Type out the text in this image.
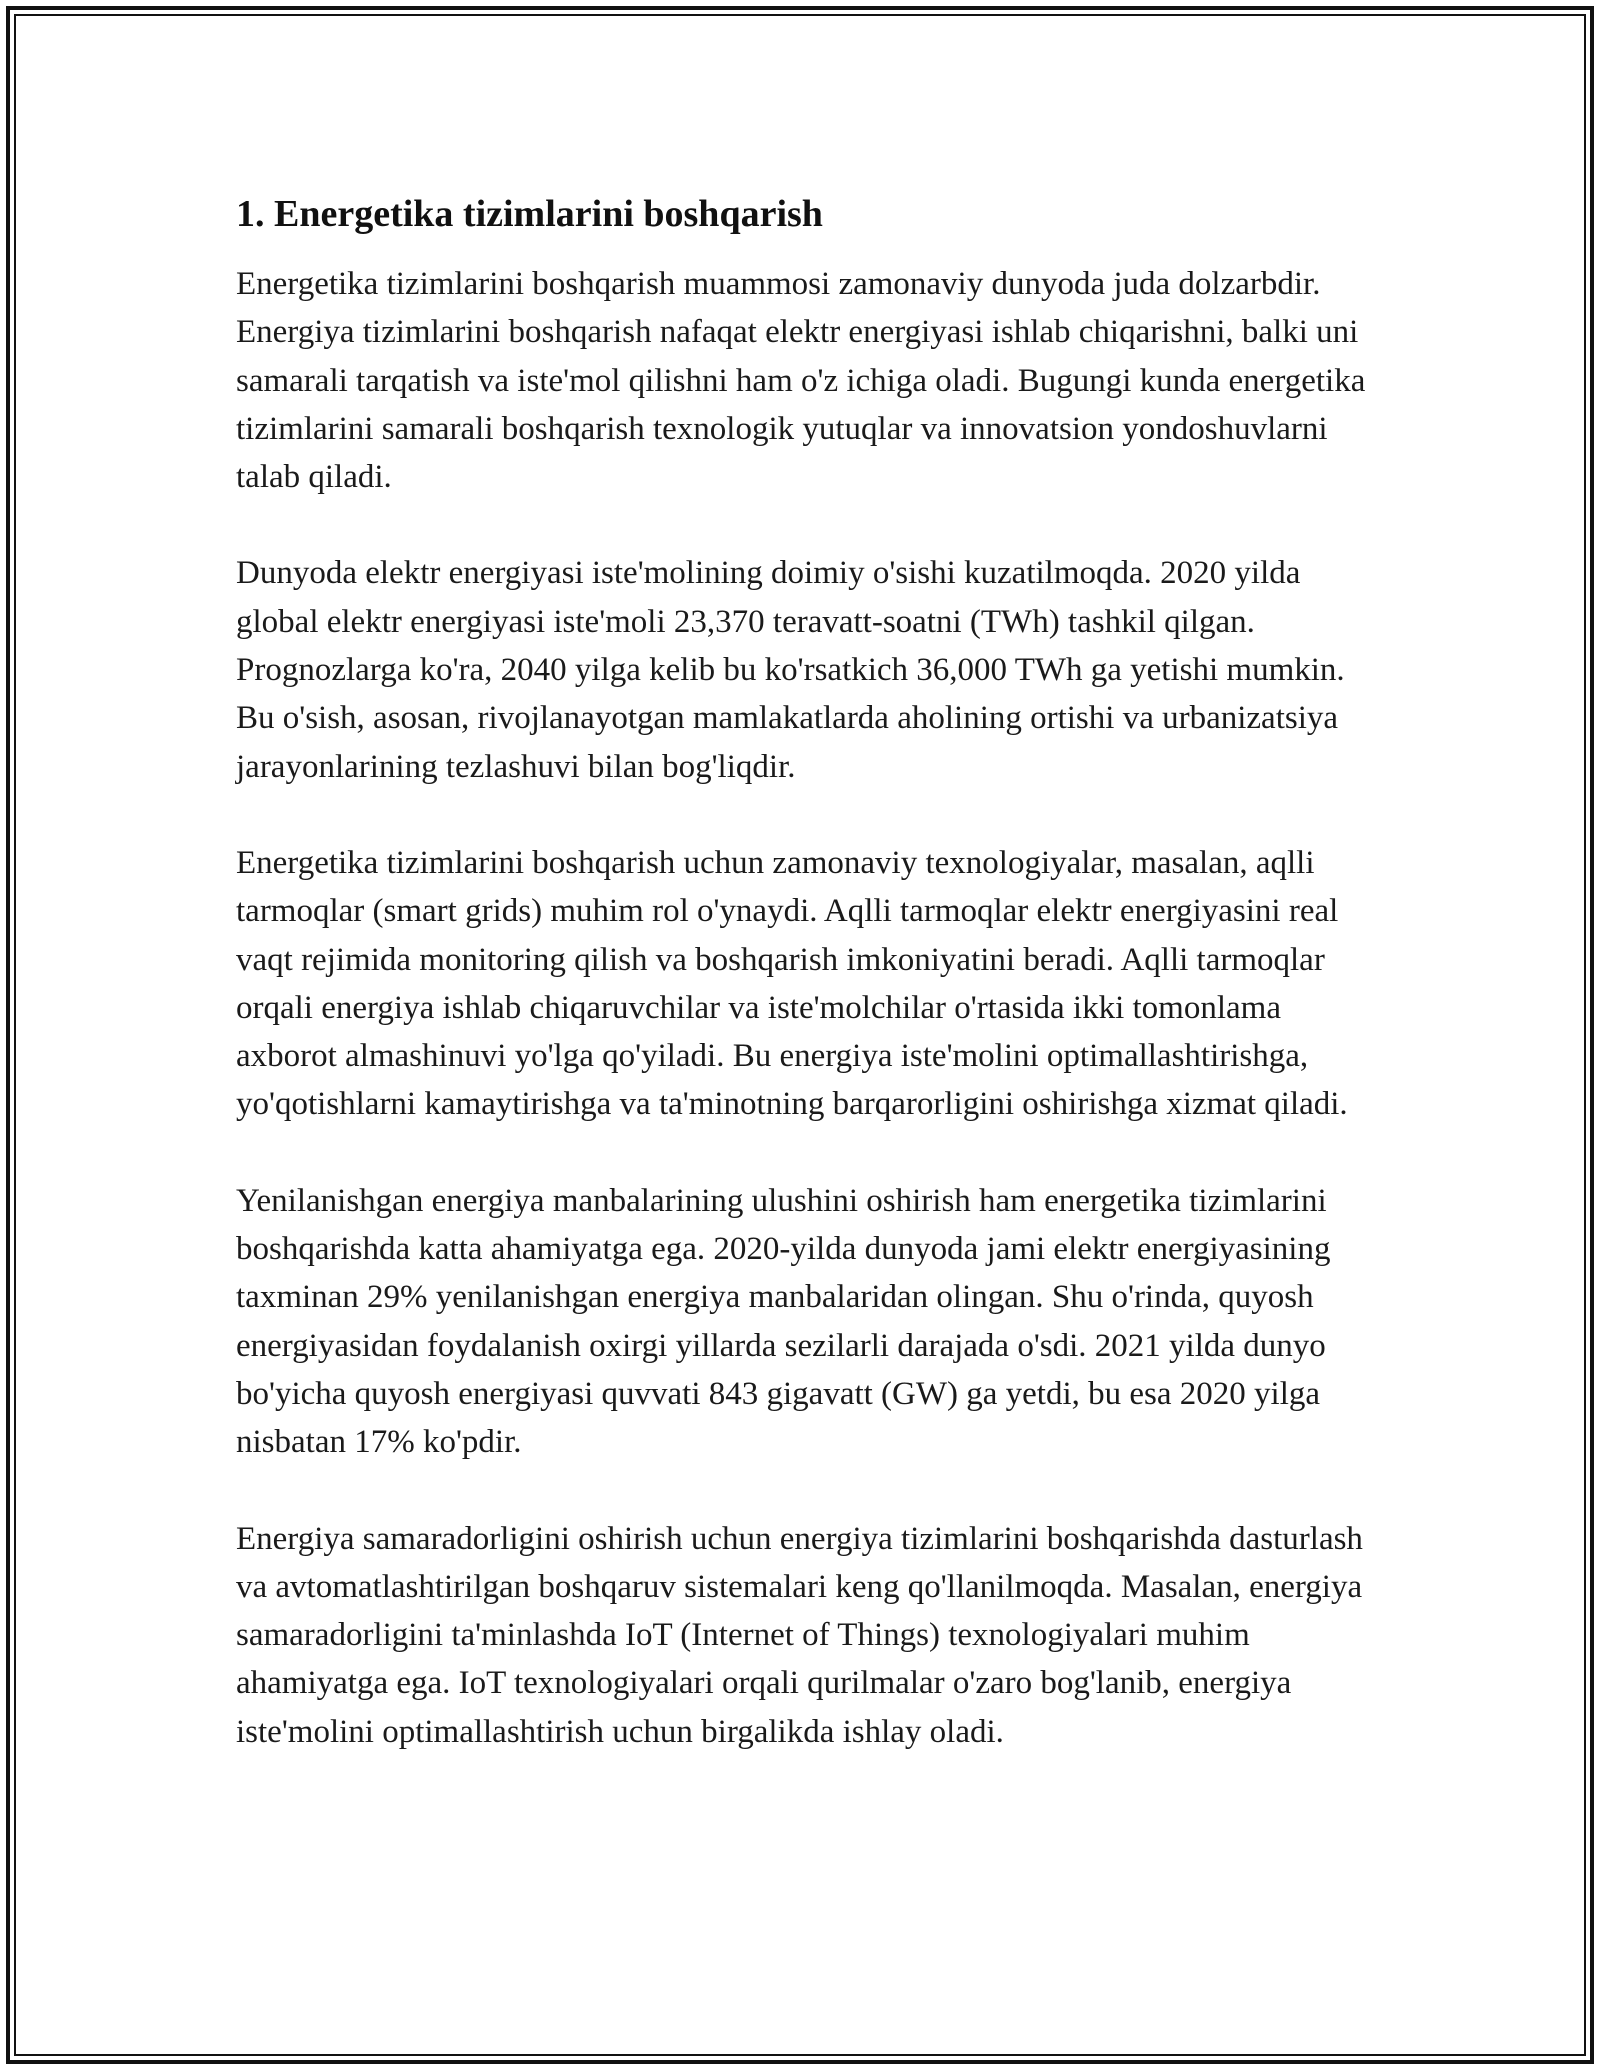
1. Energetika tizimlarini boshqarish

Energetika tizimlarini boshqarish muammosi zamonaviy dunyoda juda dolzarbdir. Energiya tizimlarini boshqarish nafaqat elektr energiyasi ishlab chiqarishni, balki uni samarali tarqatish va iste'mol qilishni ham o'z ichiga oladi. Bugungi kunda energetika tizimlarini samarali boshqarish texnologik yutuqlar va innovatsion yondoshuvlarni talab qiladi.

Dunyoda elektr energiyasi iste'molining doimiy o'sishi kuzatilmoqda. 2020 yilda global elektr energiyasi iste'moli 23,370 teravatt-soatni (TWh) tashkil qilgan. Prognozlarga ko'ra, 2040 yilga kelib bu ko'rsatkich 36,000 TWh ga yetishi mumkin. Bu o'sish, asosan, rivojlanayotgan mamlakatlarda aholining ortishi va urbanizatsiya jarayonlarining tezlashuvi bilan bog'liqdir.

Energetika tizimlarini boshqarish uchun zamonaviy texnologiyalar, masalan, aqlli tarmoqlar (smart grids) muhim rol o'ynaydi. Aqlli tarmoqlar elektr energiyasini real vaqt rejimida monitoring qilish va boshqarish imkoniyatini beradi. Aqlli tarmoqlar orqali energiya ishlab chiqaruvchilar va iste'molchilar o'rtasida ikki tomonlama axborot almashinuvi yo'lga qo'yiladi. Bu energiya iste'molini optimallashtirishga, yo'qotishlarni kamaytirishga va ta'minotning barqarorligini oshirishga xizmat qiladi.

Yenilanishgan energiya manbalarining ulushini oshirish ham energetika tizimlarini boshqarishda katta ahamiyatga ega. 2020-yilda dunyoda jami elektr energiyasining taxminan 29% yenilanishgan energiya manbalaridan olingan. Shu o'rinda, quyosh energiyasidan foydalanish oxirgi yillarda sezilarli darajada o'sdi. 2021 yilda dunyo bo'yicha quyosh energiyasi quvvati 843 gigavatt (GW) ga yetdi, bu esa 2020 yilga nisbatan 17% ko'pdir.

Energiya samaradorligini oshirish uchun energiya tizimlarini boshqarishda dasturlash va avtomatlashtirilgan boshqaruv sistemalari keng qo'llanilmoqda. Masalan, energiya samaradorligini ta'minlashda IoT (Internet of Things) texnologiyalari muhim ahamiyatga ega. IoT texnologiyalari orqali qurilmalar o'zaro bog'lanib, energiya iste'molini optimallashtirish uchun birgalikda ishlay oladi.
